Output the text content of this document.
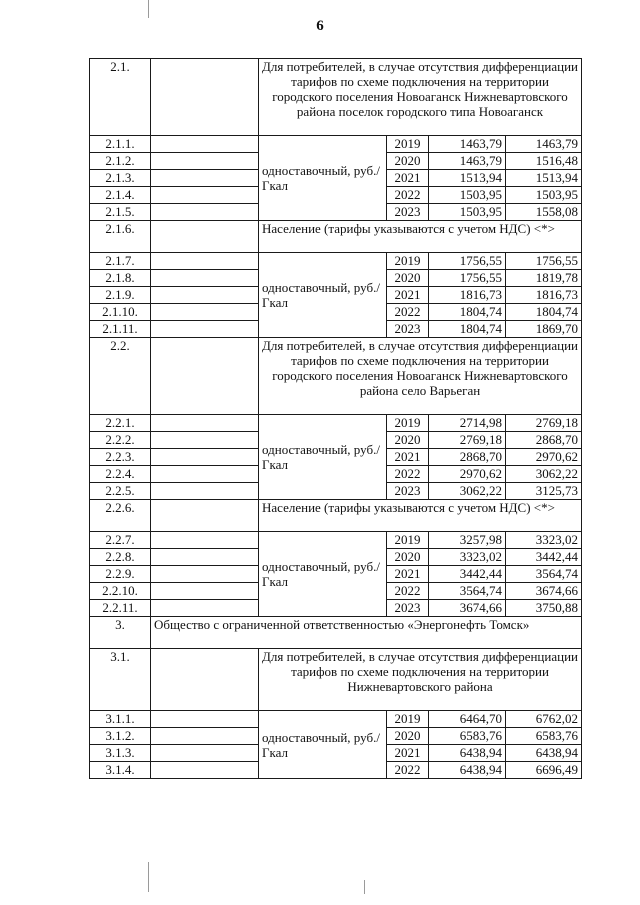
6
2.1.		Для потребителей, в случае отсутствия дифференциации тарифов по схеме подключения на территории городского поселения Новоаганск Нижневартовского района поселок городского типа Новоаганск			
2.1.1.		одноставочный, руб./Гкал	2019	1463,79	1463,79
2.1.2.			2020	1463,79	1516,48
2.1.3.			2021	1513,94	1513,94
2.1.4.			2022	1503,95	1503,95
2.1.5.			2023	1503,95	1558,08
2.1.6.		Население (тарифы указываются с учетом НДС) <*>			
2.1.7.		одноставочный, руб./Гкал	2019	1756,55	1756,55
2.1.8.			2020	1756,55	1819,78
2.1.9.			2021	1816,73	1816,73
2.1.10.			2022	1804,74	1804,74
2.1.11.			2023	1804,74	1869,70
2.2.		Для потребителей, в случае отсутствия дифференциации тарифов по схеме подключения на территории городского поселения Новоаганск Нижневартовского района село Варьеган			
2.2.1.		одноставочный, руб./Гкал	2019	2714,98	2769,18
2.2.2.			2020	2769,18	2868,70
2.2.3.			2021	2868,70	2970,62
2.2.4.			2022	2970,62	3062,22
2.2.5.			2023	3062,22	3125,73
2.2.6.		Население (тарифы указываются с учетом НДС) <*>			
2.2.7.		одноставочный, руб./Гкал	2019	3257,98	3323,02
2.2.8.			2020	3323,02	3442,44
2.2.9.			2021	3442,44	3564,74
2.2.10.			2022	3564,74	3674,66
2.2.11.			2023	3674,66	3750,88
3.	Общество с ограниченной ответственностью «Энергонефть Томск»				
3.1.		Для потребителей, в случае отсутствия дифференциации тарифов по схеме подключения на территории Нижневартовского района			
3.1.1.		одноставочный, руб./Гкал	2019	6464,70	6762,02
3.1.2.			2020	6583,76	6583,76
3.1.3.			2021	6438,94	6438,94
3.1.4.			2022	6438,94	6696,49
